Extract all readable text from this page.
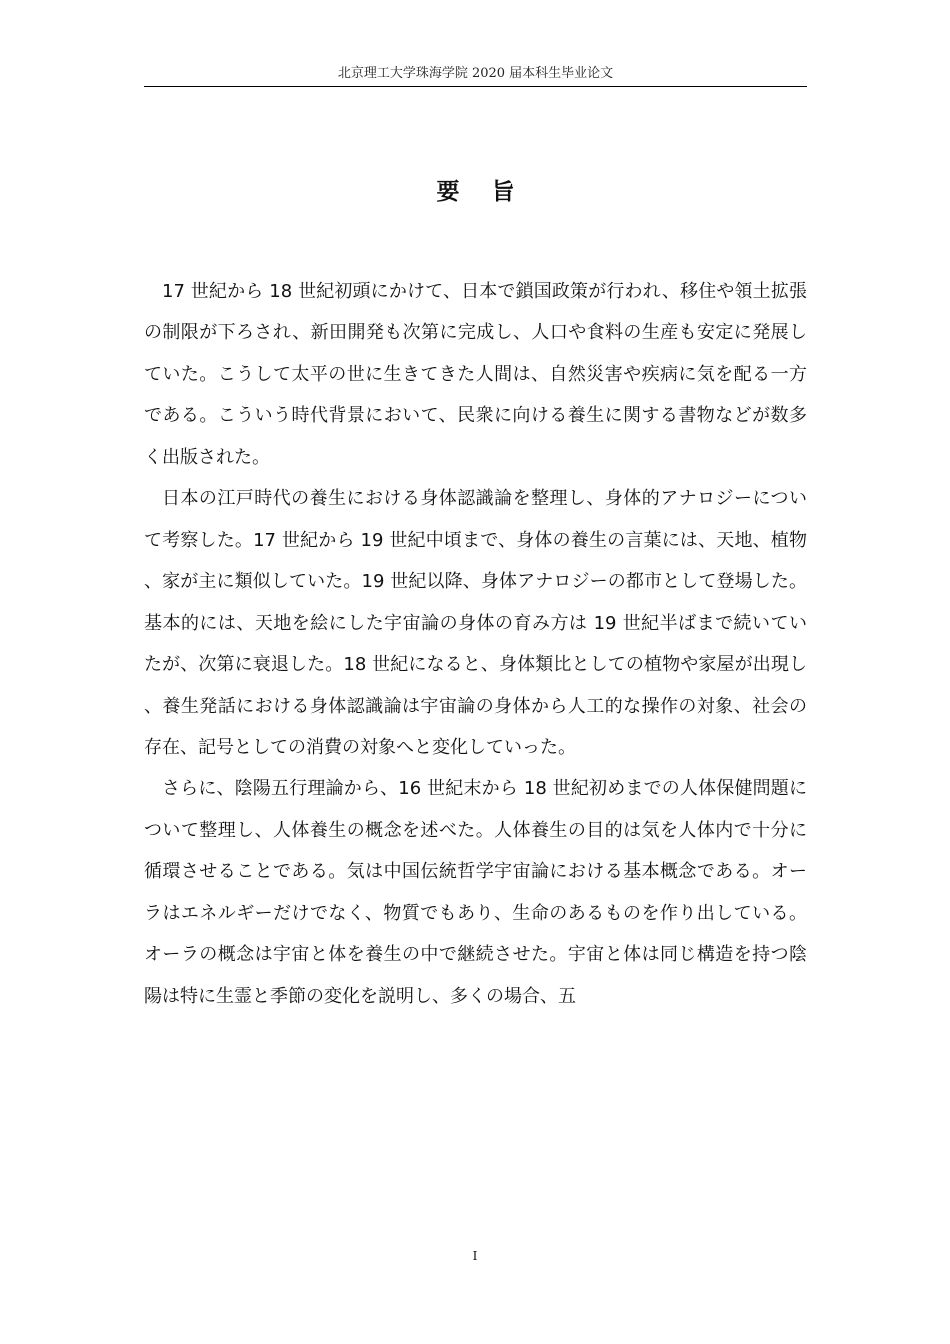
北京理工大学珠海学院 2020 届本科生毕业论文
要 旨

17 世紀から 18 世紀初頭にかけて、日本で鎖国政策が行われ、移住や領土拡張の制限が下ろされ、新田開発も次第に完成し、人口や食料の生産も安定に発展していた。こうして太平の世に生きてきた人間は、自然災害や疾病に気を配る一方である。こういう時代背景において、民衆に向ける養生に関する書物などが数多く出版された。

日本の江戸時代の養生における身体認識論を整理し、身体的アナロジーについて考察した。17 世紀から 19 世紀中頃まで、身体の養生の言葉には、天地、植物、家が主に類似していた。19 世紀以降、身体アナロジーの都市として登場した。基本的には、天地を絵にした宇宙論の身体の育み方は 19 世紀半ばまで続いていたが、次第に衰退した。18 世紀になると、身体類比としての植物や家屋が出現し、養生発話における身体認識論は宇宙論の身体から人工的な操作の対象、社会の存在、記号としての消費の対象へと変化していった。

さらに、陰陽五行理論から、16 世紀末から 18 世紀初めまでの人体保健問題について整理し、人体養生の概念を述べた。人体養生の目的は気を人体内で十分に循環させることである。気は中国伝統哲学宇宙論における基本概念である。オーラはエネルギーだけでなく、物質でもあり、生命のあるものを作り出している。オーラの概念は宇宙と体を養生の中で継続させた。宇宙と体は同じ構造を持つ陰陽は特に生霊と季節の変化を説明し、多くの場合、五

I
